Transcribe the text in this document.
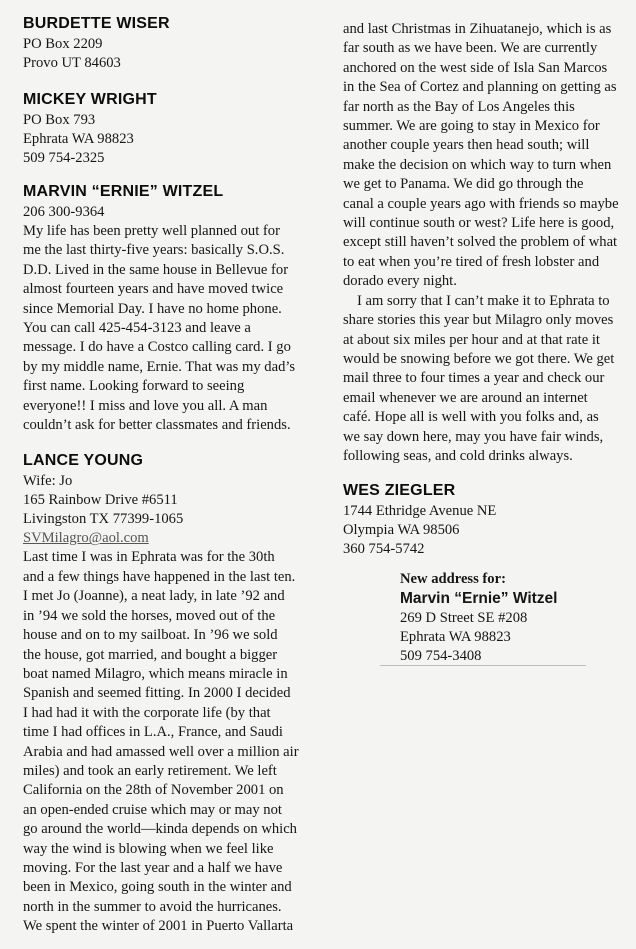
BURDETTE WISER
PO Box 2209
Provo UT 84603
MICKEY WRIGHT
PO Box 793
Ephrata WA 98823
509 754-2325
MARVIN “ERNIE” WITZEL
206 300-9364
My life has been pretty well planned out for
me the last thirty-five years: basically S.O.S.
D.D. Lived in the same house in Bellevue for
almost fourteen years and have moved twice
since Memorial Day. I have no home phone.
You can call 425-454-3123 and leave a
message. I do have a Costco calling card. I go
by my middle name, Ernie. That was my dad’s
first name. Looking forward to seeing
everyone!! I miss and love you all. A man
couldn’t ask for better classmates and friends.
LANCE YOUNG
Wife: Jo
165 Rainbow Drive #6511
Livingston TX 77399-1065
SVMilagro@aol.com
Last time I was in Ephrata was for the 30th
and a few things have happened in the last ten.
I met Jo (Joanne), a neat lady, in late ’92 and
in ’94 we sold the horses, moved out of the
house and on to my sailboat. In ’96 we sold
the house, got married, and bought a bigger
boat named Milagro, which means miracle in
Spanish and seemed fitting. In 2000 I decided
I had had it with the corporate life (by that
time I had offices in L.A., France, and Saudi
Arabia and had amassed well over a million air
miles) and took an early retirement. We left
California on the 28th of November 2001 on
an open-ended cruise which may or may not
go around the world—kinda depends on which
way the wind is blowing when we feel like
moving. For the last year and a half we have
been in Mexico, going south in the winter and
north in the summer to avoid the hurricanes.
We spent the winter of 2001 in Puerto Vallarta
and last Christmas in Zihuatanejo, which is as
far south as we have been. We are currently
anchored on the west side of Isla San Marcos
in the Sea of Cortez and planning on getting as
far north as the Bay of Los Angeles this
summer. We are going to stay in Mexico for
another couple years then head south; will
make the decision on which way to turn when
we get to Panama. We did go through the
canal a couple years ago with friends so maybe
will continue south or west? Life here is good,
except still haven’t solved the problem of what
to eat when you’re tired of fresh lobster and
dorado every night.
I am sorry that I can’t make it to Ephrata to
share stories this year but Milagro only moves
at about six miles per hour and at that rate it
would be snowing before we got there. We get
mail three to four times a year and check our
email whenever we are around an internet
café. Hope all is well with you folks and, as
we say down here, may you have fair winds,
following seas, and cold drinks always.
WES ZIEGLER
1744 Ethridge Avenue NE
Olympia WA 98506
360 754-5742
New address for:
Marvin “Ernie” Witzel
269 D Street SE #208
Ephrata WA 98823
509 754-3408
